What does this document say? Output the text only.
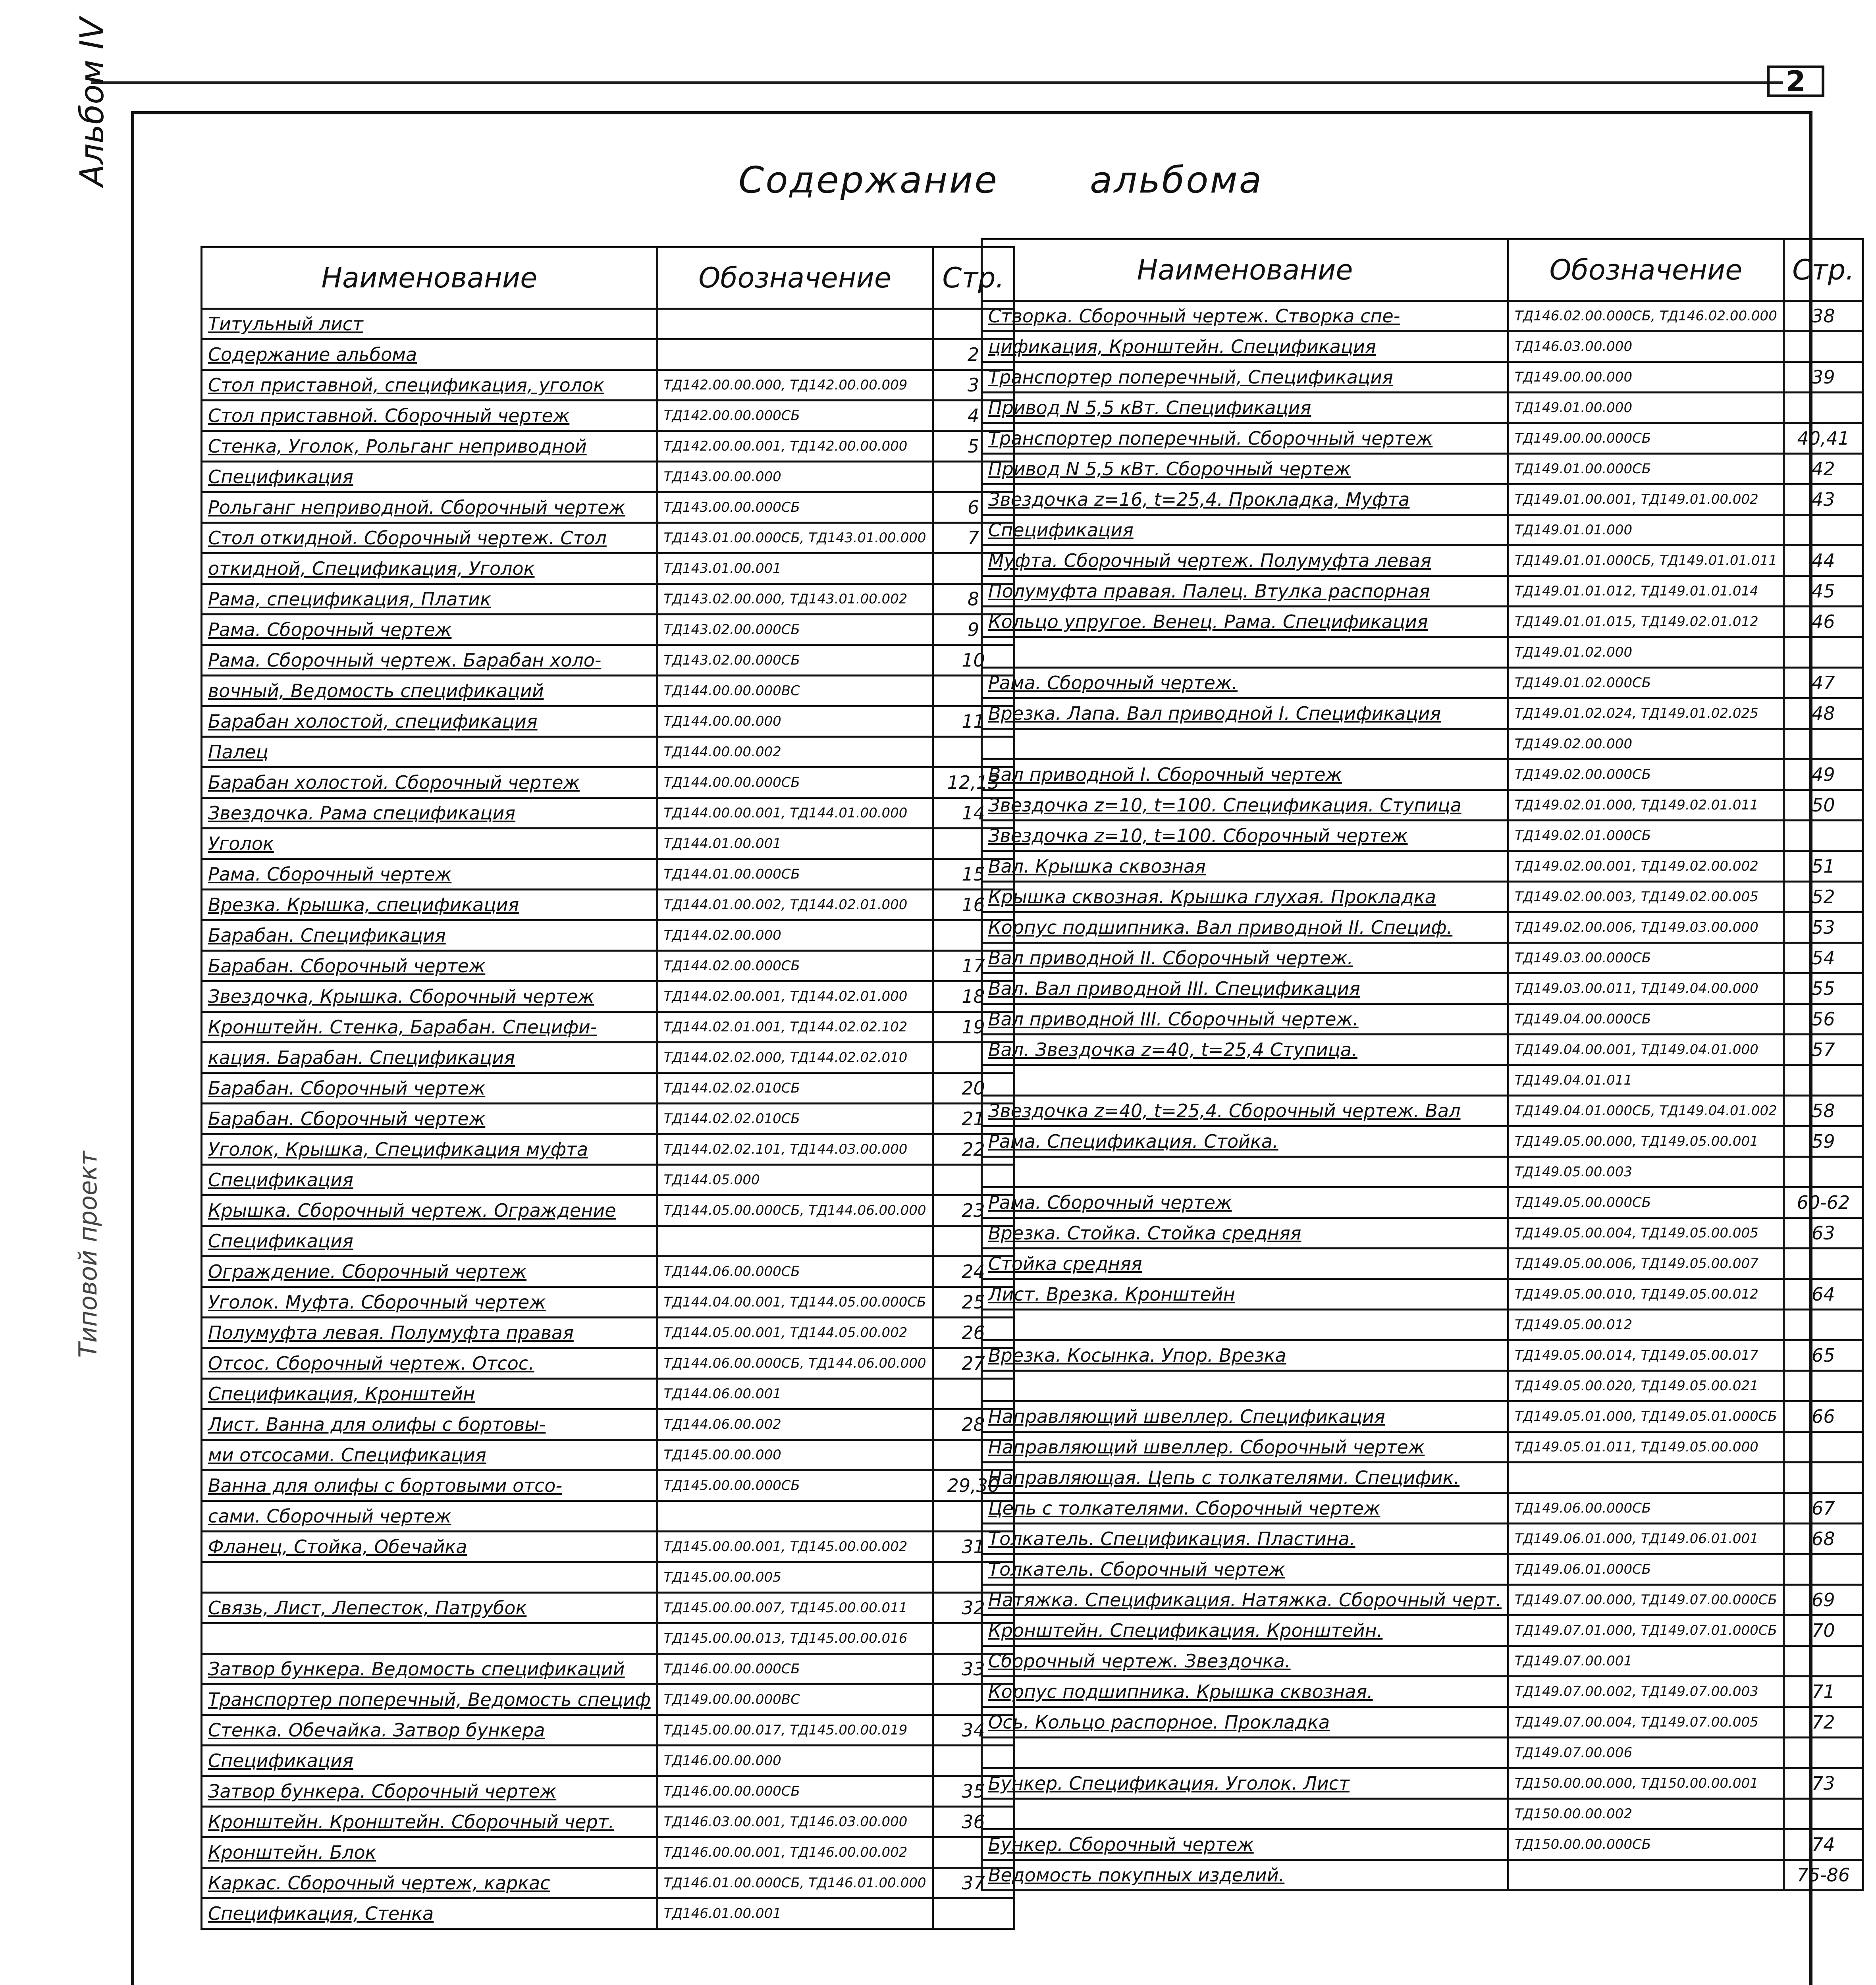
2
Альбом IV
Типовой проект
Содержание	альбома
Наименование	Обозначение	Стр.
Титульный лист		
Содержание альбома		2
Стол приставной, спецификация, уголок	ТД142.00.00.000, ТД142.00.00.009	3
Стол приставной. Сборочный чертеж	ТД142.00.00.000СБ	4
Стенка, Уголок, Рольганг неприводной	ТД142.00.00.001, ТД142.00.00.000	5
Спецификация	ТД143.00.00.000	
Рольганг неприводной. Сборочный чертеж	ТД143.00.00.000СБ	6
Стол откидной. Сборочный чертеж. Стол	ТД143.01.00.000СБ, ТД143.01.00.000	7
откидной, Спецификация, Уголок	ТД143.01.00.001	
Рама, спецификация, Платик	ТД143.02.00.000, ТД143.01.00.002	8
Рама. Сборочный чертеж	ТД143.02.00.000СБ	9
Рама. Сборочный чертеж. Барабан холо-	ТД143.02.00.000СБ	10
вочный, Ведомость спецификаций	ТД144.00.00.000ВС	
Барабан холостой, спецификация	ТД144.00.00.000	11
Палец	ТД144.00.00.002	
Барабан холостой. Сборочный чертеж	ТД144.00.00.000СБ	12,13
Звездочка. Рама спецификация	ТД144.00.00.001, ТД144.01.00.000	14
Уголок	ТД144.01.00.001	
Рама. Сборочный чертеж	ТД144.01.00.000СБ	15
Врезка. Крышка, спецификация	ТД144.01.00.002, ТД144.02.01.000	16
Барабан. Спецификация	ТД144.02.00.000	
Барабан. Сборочный чертеж	ТД144.02.00.000СБ	17
Звездочка, Крышка. Сборочный чертеж	ТД144.02.00.001, ТД144.02.01.000	18
Кронштейн. Стенка, Барабан. Специфи-	ТД144.02.01.001, ТД144.02.02.102	19
кация. Барабан. Спецификация	ТД144.02.02.000, ТД144.02.02.010	
Барабан. Сборочный чертеж	ТД144.02.02.010СБ	20
Барабан. Сборочный чертеж	ТД144.02.02.010СБ	21
Уголок, Крышка, Спецификация муфта	ТД144.02.02.101, ТД144.03.00.000	22
Спецификация	ТД144.05.000	
Крышка. Сборочный чертеж. Ограждение	ТД144.05.00.000СБ, ТД144.06.00.000	23
Спецификация		
Ограждение. Сборочный чертеж	ТД144.06.00.000СБ	24
Уголок. Муфта. Сборочный чертеж	ТД144.04.00.001, ТД144.05.00.000СБ	25
Полумуфта левая. Полумуфта правая	ТД144.05.00.001, ТД144.05.00.002	26
Отсос. Сборочный чертеж. Отсос.	ТД144.06.00.000СБ, ТД144.06.00.000	27
Спецификация, Кронштейн	ТД144.06.00.001	
Лист. Ванна для олифы с бортовы-	ТД144.06.00.002	28
ми отсосами. Спецификация	ТД145.00.00.000	
Ванна для олифы с бортовыми отсо-	ТД145.00.00.000СБ	29,30
сами. Сборочный чертеж		
Фланец, Стойка, Обечайка	ТД145.00.00.001, ТД145.00.00.002	31
	ТД145.00.00.005	
Связь, Лист, Лепесток, Патрубок	ТД145.00.00.007, ТД145.00.00.011	32
	ТД145.00.00.013, ТД145.00.00.016	
Затвор бункера. Ведомость спецификаций	ТД146.00.00.000СБ	33
Транспортер поперечный, Ведомость специф	ТД149.00.00.000ВС	
Стенка. Обечайка. Затвор бункера	ТД145.00.00.017, ТД145.00.00.019	34
Спецификация	ТД146.00.00.000	
Затвор бункера. Сборочный чертеж	ТД146.00.00.000СБ	35
Кронштейн. Кронштейн. Сборочный черт.	ТД146.03.00.001, ТД146.03.00.000	36
Кронштейн. Блок	ТД146.00.00.001, ТД146.00.00.002	
Каркас. Сборочный чертеж, каркас	ТД146.01.00.000СБ, ТД146.01.00.000	37
Спецификация, Стенка	ТД146.01.00.001	
Наименование	Обозначение	Стр.
Створка. Сборочный чертеж. Створка спе-	ТД146.02.00.000СБ, ТД146.02.00.000	38
цификация, Кронштейн. Спецификация	ТД146.03.00.000	
Транспортер поперечный, Спецификация	ТД149.00.00.000	39
Привод N 5,5 кВт. Спецификация	ТД149.01.00.000	
Транспортер поперечный. Сборочный чертеж	ТД149.00.00.000СБ	40,41
Привод N 5,5 кВт. Сборочный чертеж	ТД149.01.00.000СБ	42
Звездочка z=16, t=25,4. Прокладка, Муфта	ТД149.01.00.001, ТД149.01.00.002	43
Спецификация	ТД149.01.01.000	
Муфта. Сборочный чертеж. Полумуфта левая	ТД149.01.01.000СБ, ТД149.01.01.011	44
Полумуфта правая. Палец. Втулка распорная	ТД149.01.01.012, ТД149.01.01.014	45
Кольцо упругое. Венец. Рама. Спецификация	ТД149.01.01.015, ТД149.02.01.012	46
	ТД149.01.02.000	
Рама. Сборочный чертеж.	ТД149.01.02.000СБ	47
Врезка. Лапа. Вал приводной I. Спецификация	ТД149.01.02.024, ТД149.01.02.025	48
	ТД149.02.00.000	
Вал приводной I. Сборочный чертеж	ТД149.02.00.000СБ	49
Звездочка z=10, t=100. Спецификация. Ступица	ТД149.02.01.000, ТД149.02.01.011	50
Звездочка z=10, t=100. Сборочный чертеж	ТД149.02.01.000СБ	
Вал. Крышка сквозная	ТД149.02.00.001, ТД149.02.00.002	51
Крышка сквозная. Крышка глухая. Прокладка	ТД149.02.00.003, ТД149.02.00.005	52
Корпус подшипника. Вал приводной II. Специф.	ТД149.02.00.006, ТД149.03.00.000	53
Вал приводной II. Сборочный чертеж.	ТД149.03.00.000СБ	54
Вал. Вал приводной III. Спецификация	ТД149.03.00.011, ТД149.04.00.000	55
Вал приводной III. Сборочный чертеж.	ТД149.04.00.000СБ	56
Вал. Звездочка z=40, t=25,4 Ступица.	ТД149.04.00.001, ТД149.04.01.000	57
	ТД149.04.01.011	
Звездочка z=40, t=25,4. Сборочный чертеж. Вал	ТД149.04.01.000СБ, ТД149.04.01.002	58
Рама. Спецификация. Стойка.	ТД149.05.00.000, ТД149.05.00.001	59
	ТД149.05.00.003	
Рама. Сборочный чертеж	ТД149.05.00.000СБ	60-62
Врезка. Стойка. Стойка средняя	ТД149.05.00.004, ТД149.05.00.005	63
Стойка средняя	ТД149.05.00.006, ТД149.05.00.007	
Лист. Врезка. Кронштейн	ТД149.05.00.010, ТД149.05.00.012	64
	ТД149.05.00.012	
Врезка. Косынка. Упор. Врезка	ТД149.05.00.014, ТД149.05.00.017	65
	ТД149.05.00.020, ТД149.05.00.021	
Направляющий швеллер. Спецификация	ТД149.05.01.000, ТД149.05.01.000СБ	66
Направляющий швеллер. Сборочный чертеж	ТД149.05.01.011, ТД149.05.00.000	
Направляющая. Цепь с толкателями. Специфик.		
Цепь с толкателями. Сборочный чертеж	ТД149.06.00.000СБ	67
Толкатель. Спецификация. Пластина.	ТД149.06.01.000, ТД149.06.01.001	68
Толкатель. Сборочный чертеж	ТД149.06.01.000СБ	
Натяжка. Спецификация. Натяжка. Сборочный черт.	ТД149.07.00.000, ТД149.07.00.000СБ	69
Кронштейн. Спецификация. Кронштейн.	ТД149.07.01.000, ТД149.07.01.000СБ	70
Сборочный чертеж. Звездочка.	ТД149.07.00.001	
Корпус подшипника. Крышка сквозная.	ТД149.07.00.002, ТД149.07.00.003	71
Ось. Кольцо распорное. Прокладка	ТД149.07.00.004, ТД149.07.00.005	72
	ТД149.07.00.006	
Бункер. Спецификация. Уголок. Лист	ТД150.00.00.000, ТД150.00.00.001	73
	ТД150.00.00.002	
Бункер. Сборочный чертеж	ТД150.00.00.000СБ	74
Ведомость покупных изделий.		75-86
